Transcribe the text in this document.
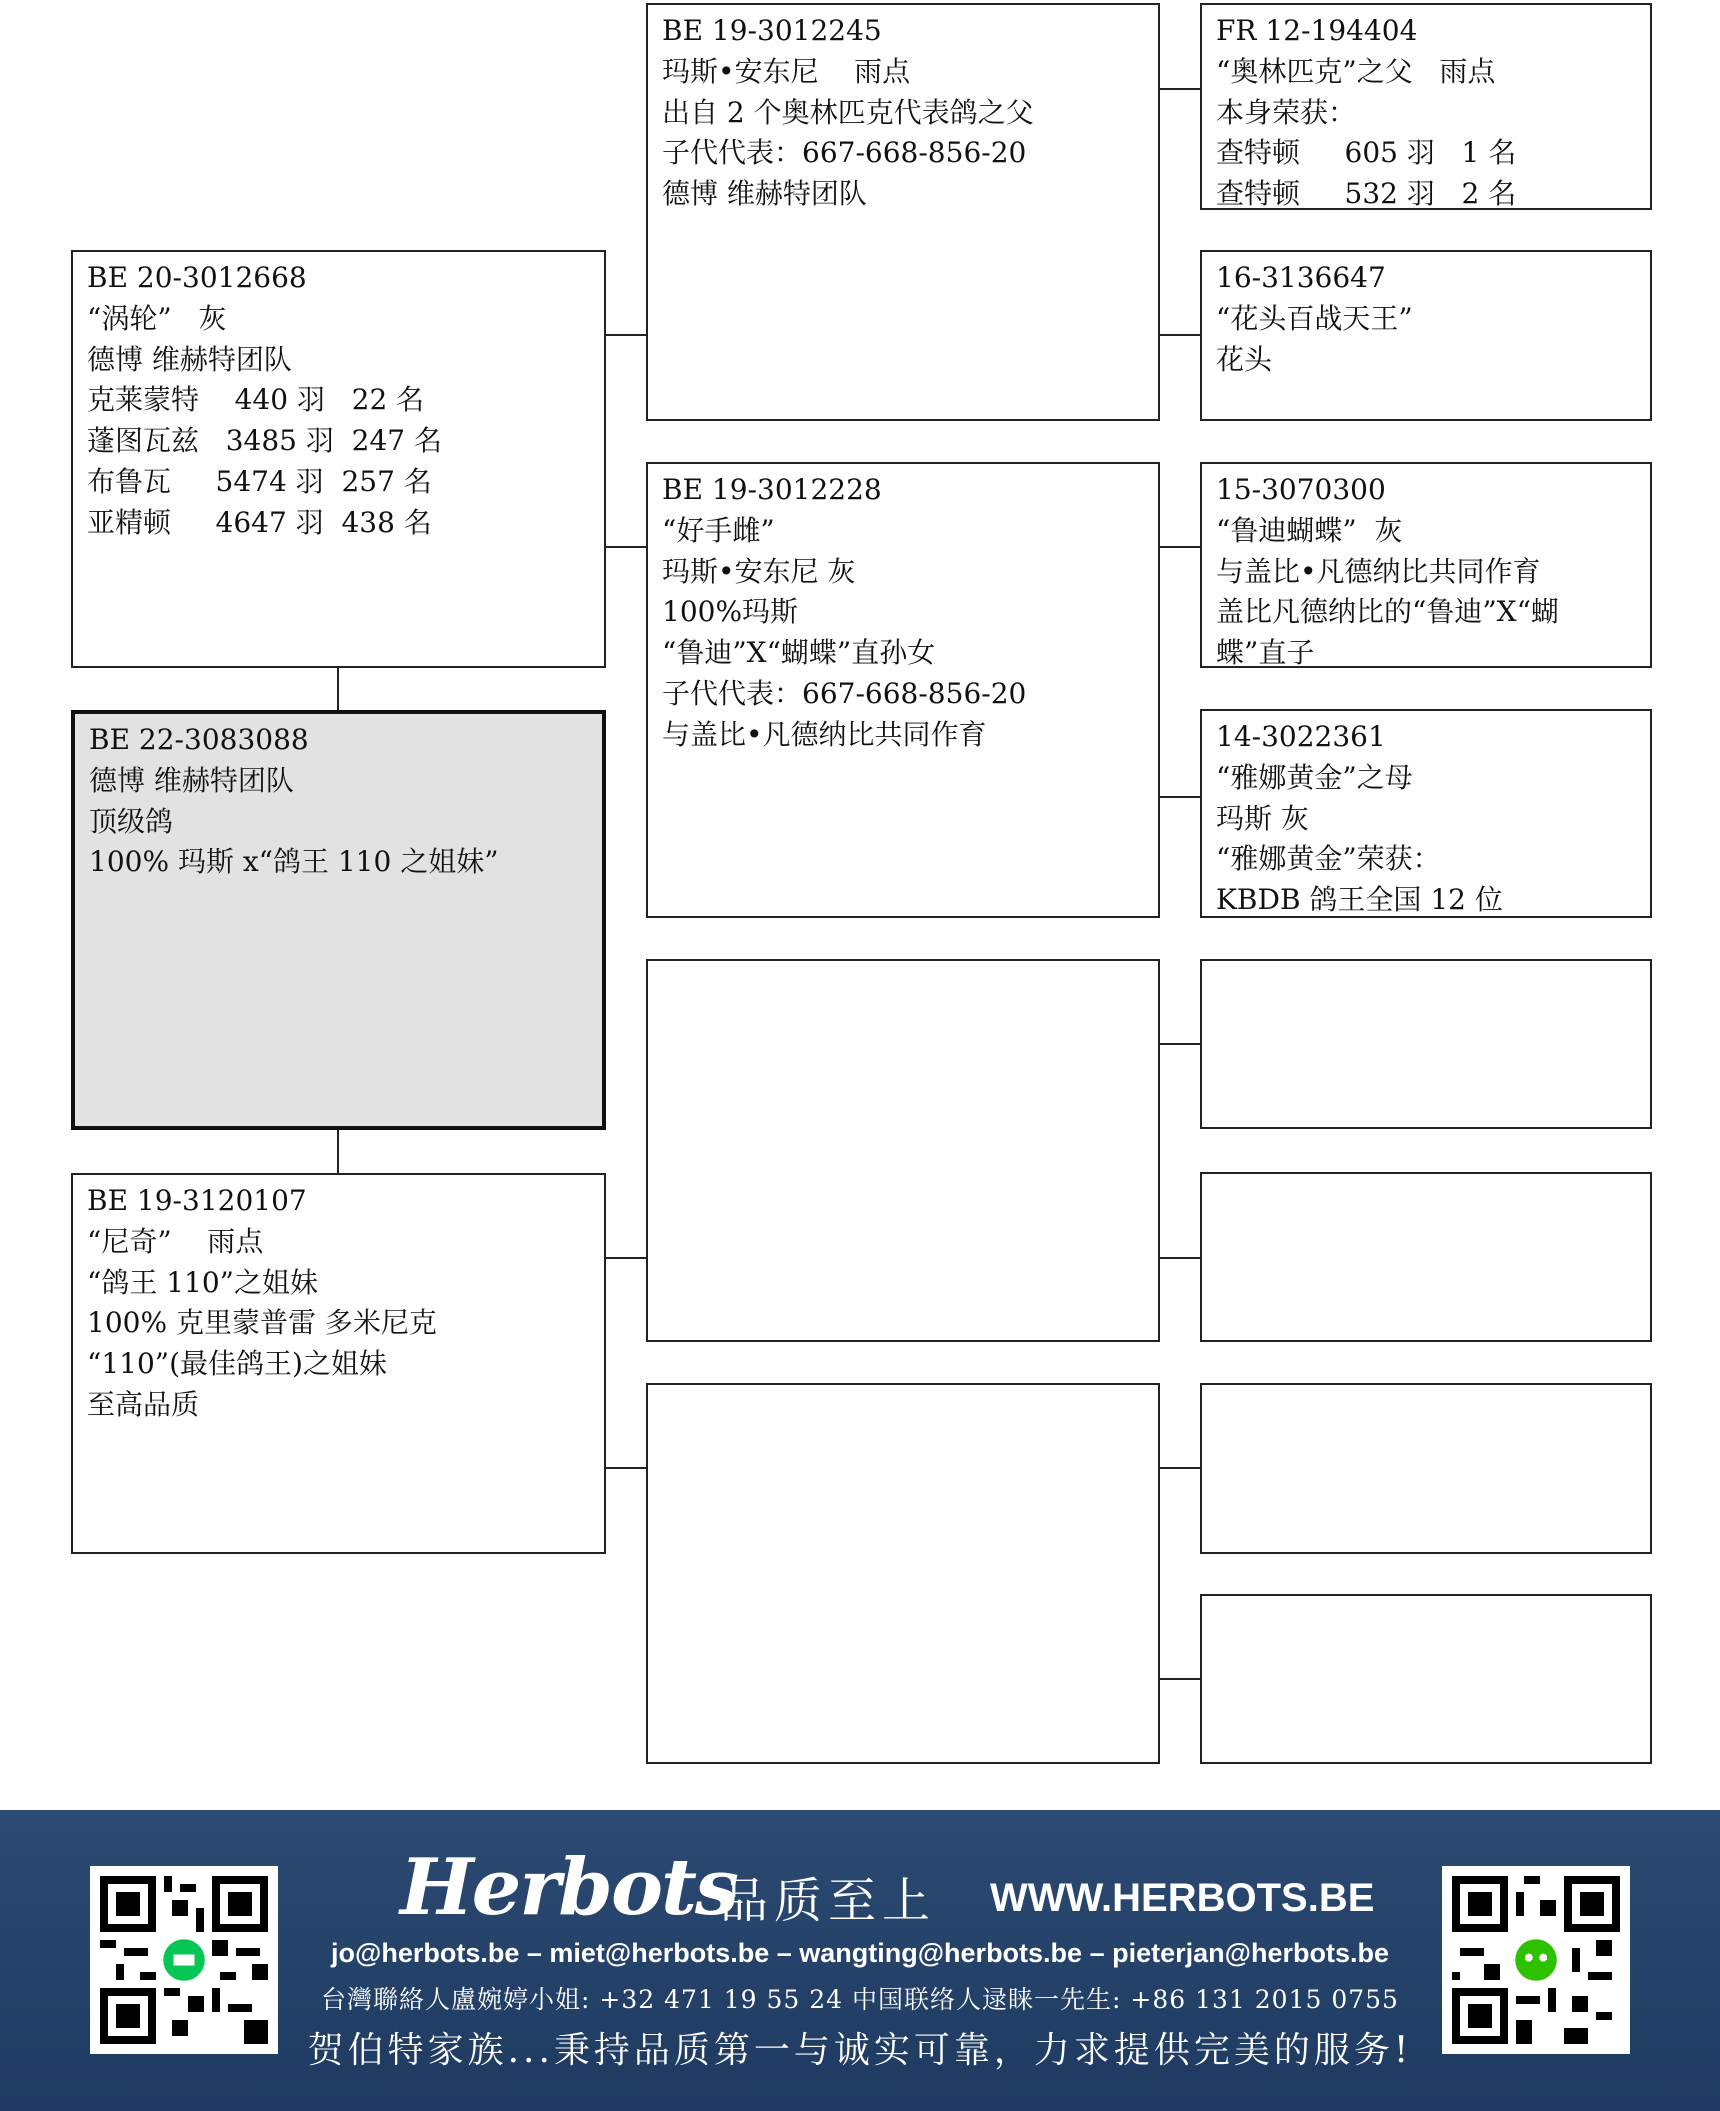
BE 20-3012668
“涡轮”   灰
德博 维赫特团队
克莱蒙特    440 羽   22 名
蓬图瓦兹   3485 羽  247 名
布鲁瓦     5474 羽  257 名
亚精顿     4647 羽  438 名
BE 22-3083088
德博 维赫特团队
顶级鸽
100% 玛斯 x“鸽王 110 之姐妹”
BE 19-3120107
“尼奇”    雨点
“鸽王 110”之姐妹
100% 克里蒙普雷 多米尼克
“110”(最佳鸽王)之姐妹
至高品质
BE 19-3012245
玛斯•安东尼    雨点
出自 2 个奥林匹克代表鸽之父
子代代表：667-668-856-20
德博 维赫特团队
BE 19-3012228
“好手雌”
玛斯•安东尼 灰
100%玛斯
“鲁迪”X“蝴蝶”直孙女
子代代表：667-668-856-20
与盖比•凡德纳比共同作育
FR 12-194404
“奥林匹克”之父   雨点
本身荣获：
查特顿     605 羽   1 名
查特顿     532 羽   2 名
16-3136647
“花头百战天王”
花头
15-3070300
“鲁迪蝴蝶”  灰
与盖比•凡德纳比共同作育
盖比凡德纳比的“鲁迪”X“蝴
蝶”直子
14-3022361
“雅娜黄金”之母
玛斯 灰
“雅娜黄金”荣获：
KBDB 鸽王全国 12 位
Herbots
品质至上 WWW.HERBOTS.BE
jo@herbots.be – miet@herbots.be – wangting@herbots.be – pieterjan@herbots.be
台灣聯絡人盧婉婷小姐: +32 471 19 55 24 中国联络人逯睐一先生: +86 131 2015 0755
贺伯特家族...秉持品质第一与诚实可靠，力求提供完美的服务!
